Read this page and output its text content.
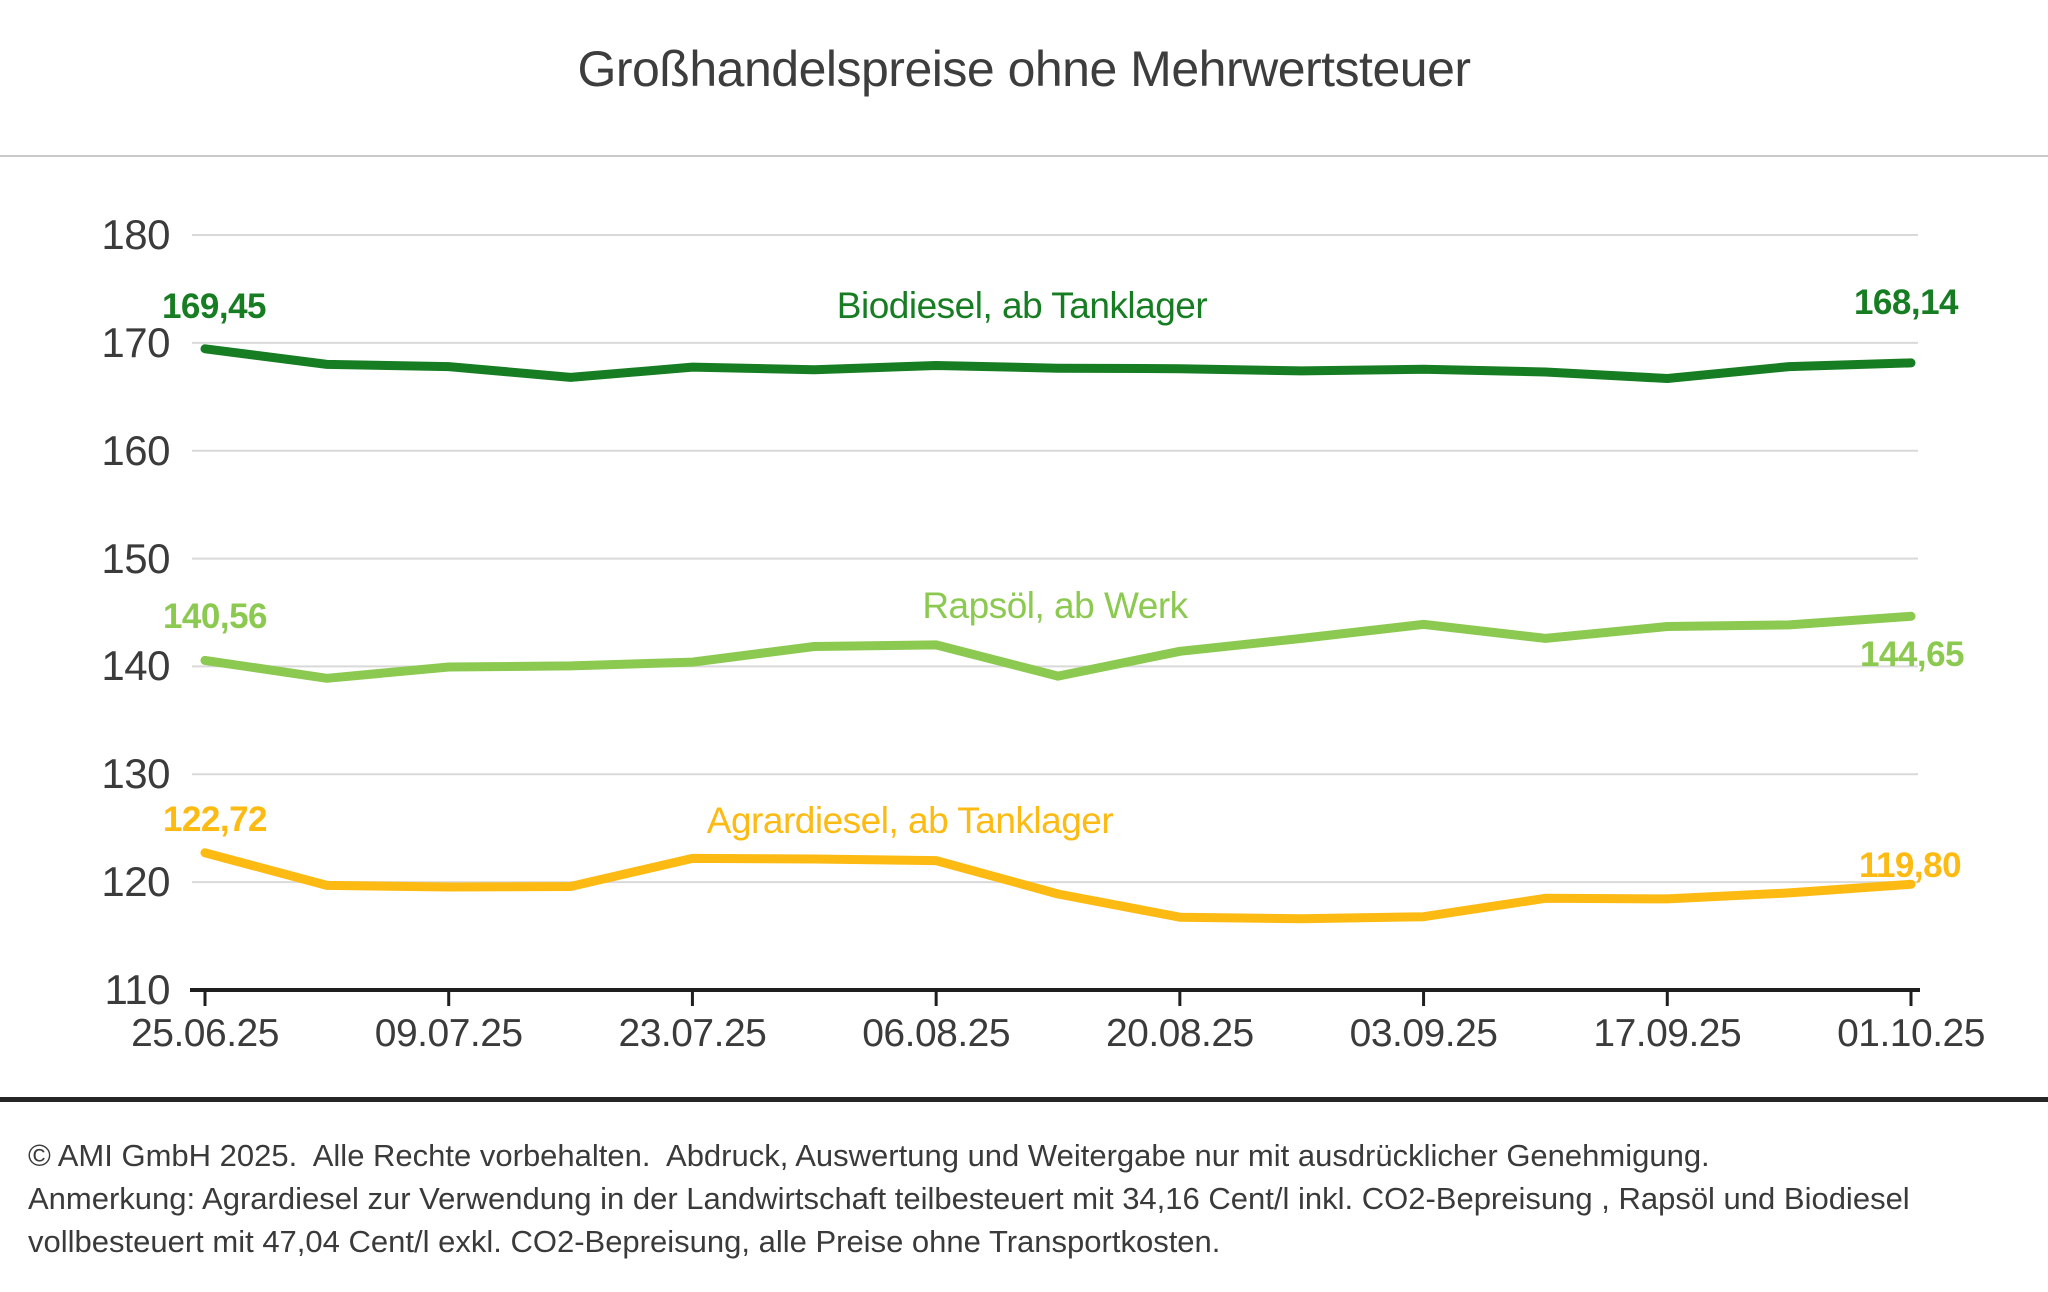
Großhandelspreise ohne Mehrwertsteuer
Biodiesel, ab Tanklager
Rapsöl, ab Werk
Agrardiesel, ab Tanklager
169,45	168,14
140,56
144,65
122,72
119,80
© AMI GmbH 2025.  Alle Rechte vorbehalten.  Abdruck, Auswertung und Weitergabe nur mit ausdrücklicher Genehmigung.
Anmerkung: Agrardiesel zur Verwendung in der Landwirtschaft teilbesteuert mit 34,16 Cent/l inkl. CO2-Bepreisung , Rapsöl und Biodiesel
vollbesteuert mit 47,04 Cent/l exkl. CO2-Bepreisung, alle Preise ohne Transportkosten.
110
120
130
140
150
160
170
180
25.06.25	09.07.25	23.07.25	06.08.25	20.08.25	03.09.25	17.09.25	01.10.25
